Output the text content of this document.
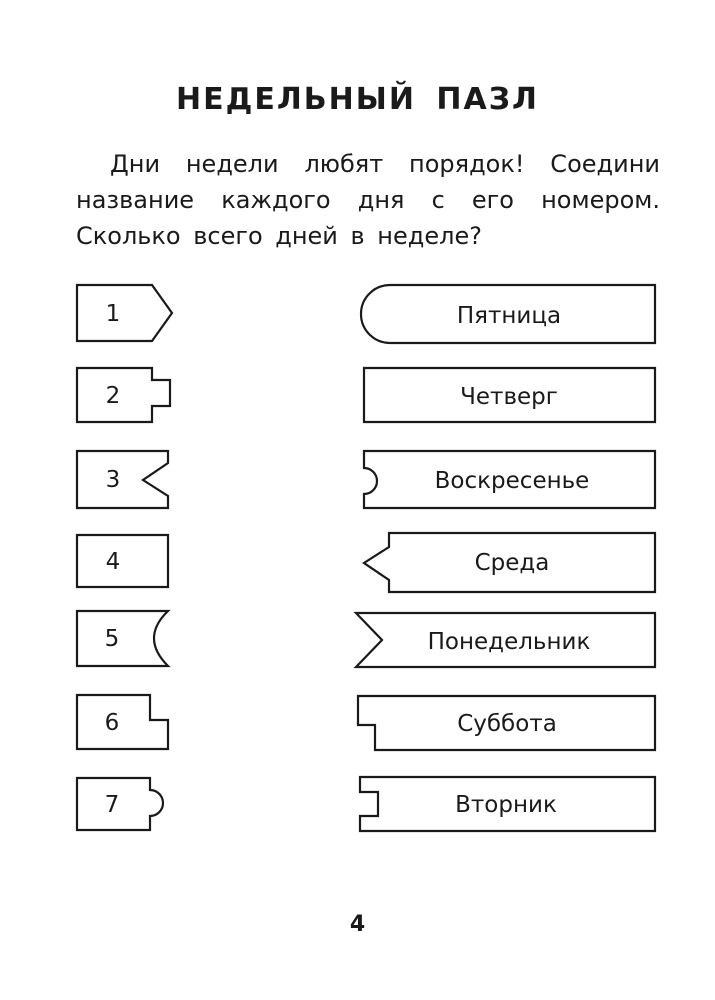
НЕДЕЛЬНЫЙ ПАЗЛ

Дни недели любят порядок! Соедини
название каждого дня с его номером.
Сколько всего дней в неделе?

1
2
3
4
5
6
7
Пятница
Четверг
Воскресенье
Среда
Понедельник
Суббота
Вторник
4
